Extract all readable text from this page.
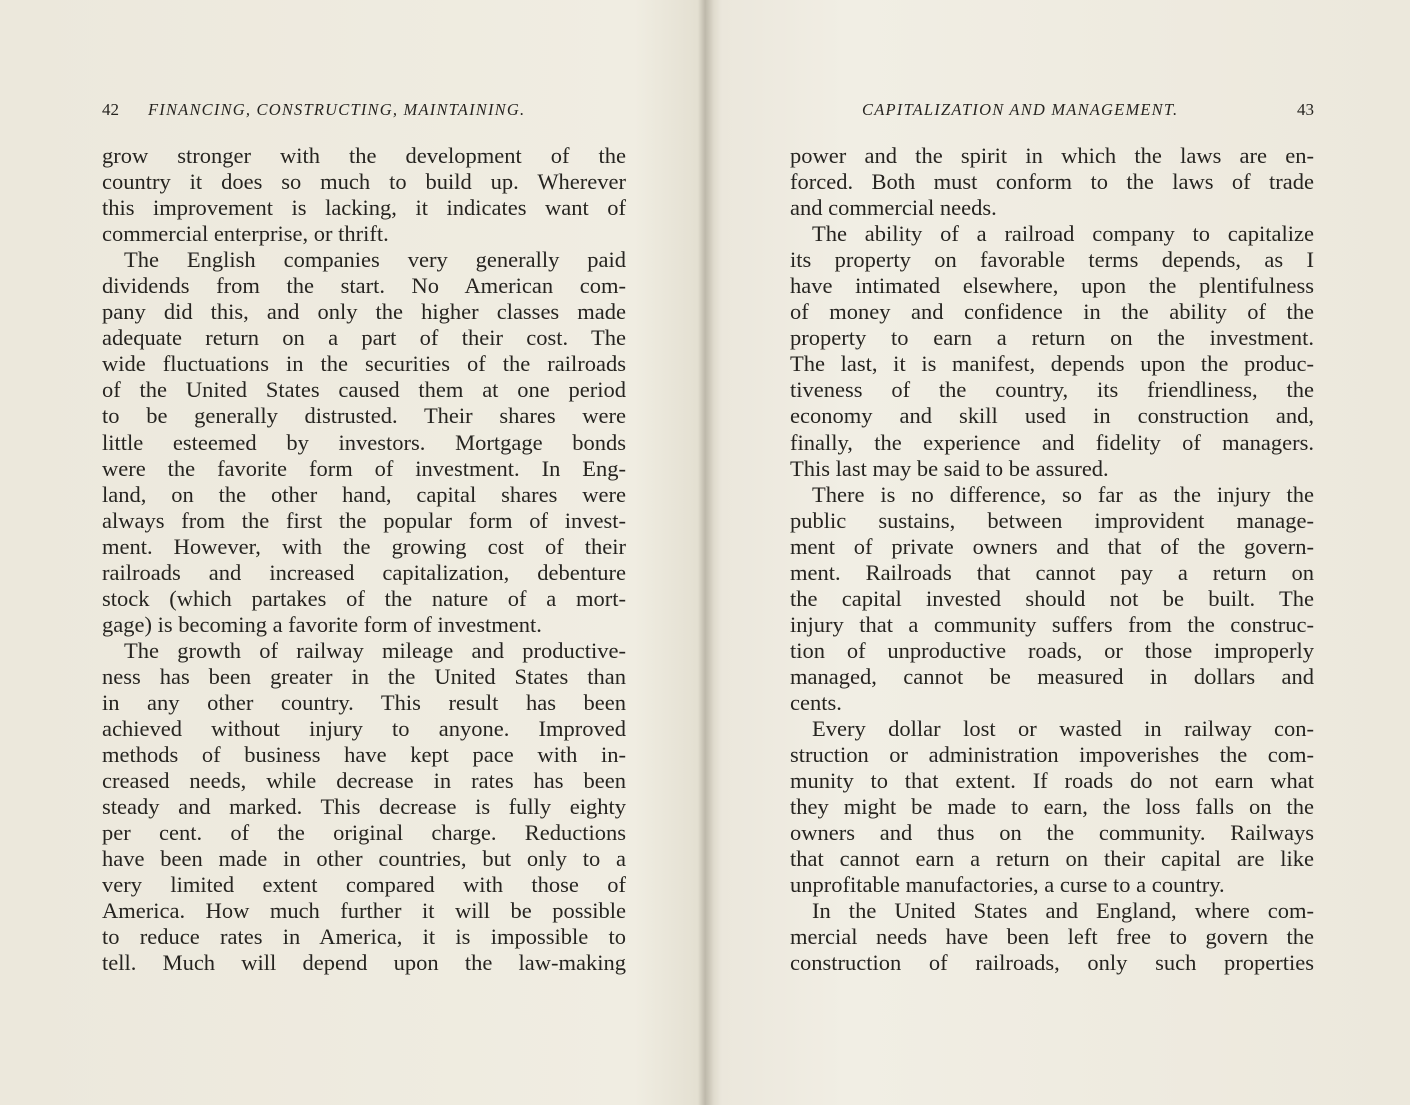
42 FINANCING, CONSTRUCTING, MAINTAINING.
grow stronger with the development of the
country it does so much to build up. Wherever
this improvement is lacking, it indicates want of
commercial enterprise, or thrift.
The English companies very generally paid
dividends from the start. No American com-
pany did this, and only the higher classes made
adequate return on a part of their cost. The
wide fluctuations in the securities of the railroads
of the United States caused them at one period
to be generally distrusted. Their shares were
little esteemed by investors. Mortgage bonds
were the favorite form of investment. In Eng-
land, on the other hand, capital shares were
always from the first the popular form of invest-
ment. However, with the growing cost of their
railroads and increased capitalization, debenture
stock (which partakes of the nature of a mort-
gage) is becoming a favorite form of investment.
The growth of railway mileage and productive-
ness has been greater in the United States than
in any other country. This result has been
achieved without injury to anyone. Improved
methods of business have kept pace with in-
creased needs, while decrease in rates has been
steady and marked. This decrease is fully eighty
per cent. of the original charge. Reductions
have been made in other countries, but only to a
very limited extent compared with those of
America. How much further it will be possible
to reduce rates in America, it is impossible to
tell. Much will depend upon the law-making
CAPITALIZATION AND MANAGEMENT.	43
power and the spirit in which the laws are en-
forced. Both must conform to the laws of trade
and commercial needs.
The ability of a railroad company to capitalize
its property on favorable terms depends, as I
have intimated elsewhere, upon the plentifulness
of money and confidence in the ability of the
property to earn a return on the investment.
The last, it is manifest, depends upon the produc-
tiveness of the country, its friendliness, the
economy and skill used in construction and,
finally, the experience and fidelity of managers.
This last may be said to be assured.
There is no difference, so far as the injury the
public sustains, between improvident manage-
ment of private owners and that of the govern-
ment. Railroads that cannot pay a return on
the capital invested should not be built. The
injury that a community suffers from the construc-
tion of unproductive roads, or those improperly
managed, cannot be measured in dollars and
cents.
Every dollar lost or wasted in railway con-
struction or administration impoverishes the com-
munity to that extent. If roads do not earn what
they might be made to earn, the loss falls on the
owners and thus on the community. Railways
that cannot earn a return on their capital are like
unprofitable manufactories, a curse to a country.
In the United States and England, where com-
mercial needs have been left free to govern the
construction of railroads, only such properties
